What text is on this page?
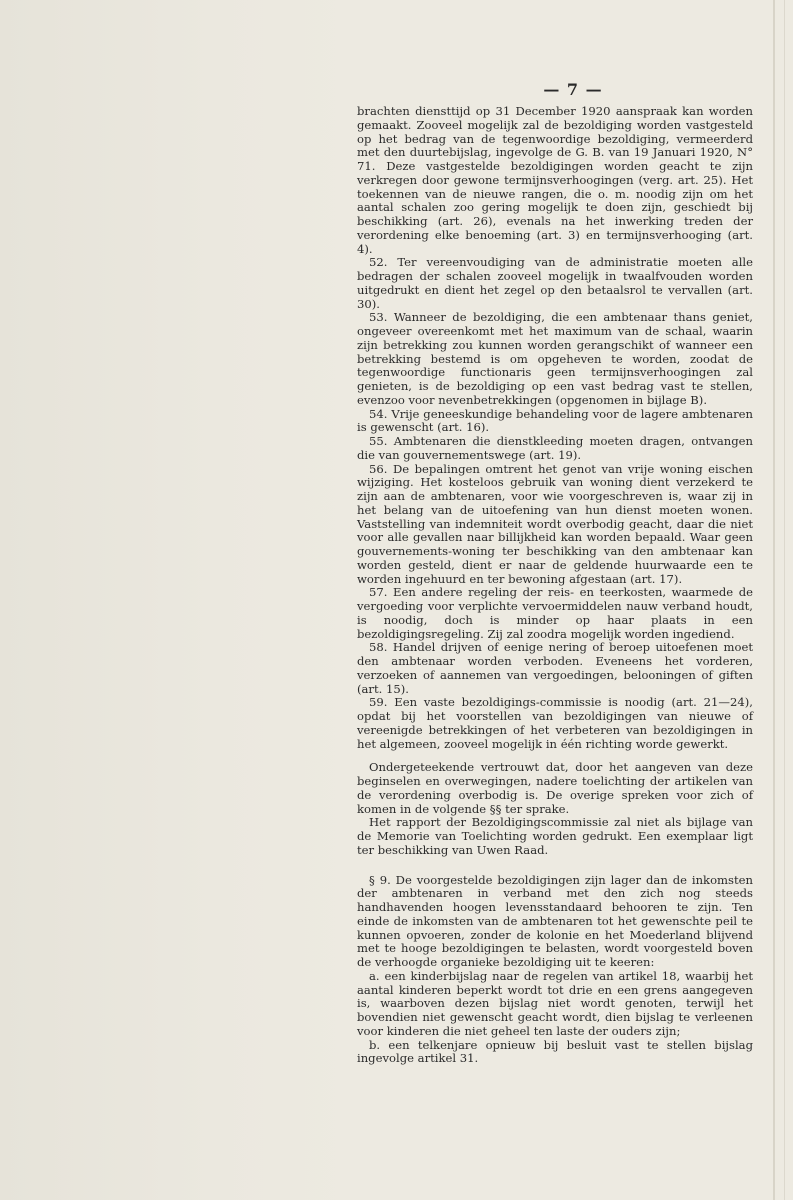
— 7 —

brachten diensttijd op 31 December 1920 aanspraak kan worden gemaakt. Zooveel mogelijk zal de bezoldiging worden vastgesteld op het bedrag van de tegenwoordige bezoldiging, vermeerderd met den duurtebijslag, ingevolge de G. B. van 19 Januari 1920, N° 71. Deze vastgestelde bezoldigingen worden geacht te zijn verkregen door gewone termijnsverhoogingen (verg. art. 25). Het toekennen van de nieuwe rangen, die o. m. noodig zijn om het aantal schalen zoo gering mogelijk te doen zijn, geschiedt bij beschikking (art. 26), evenals na het inwerking treden der verordening elke benoeming (art. 3) en termijnsverhooging (art. 4).

52. Ter vereenvoudiging van de administratie moeten alle bedragen der schalen zooveel mogelijk in twaalfvouden worden uitgedrukt en dient het zegel op den betaalsrol te vervallen (art. 30).

53. Wanneer de bezoldiging, die een ambtenaar thans geniet, ongeveer overeenkomt met het maximum van de schaal, waarin zijn betrekking zou kunnen worden gerangschikt of wanneer een betrekking bestemd is om opgeheven te worden, zoodat de tegenwoordige functionaris geen termijnsverhoogingen zal genieten, is de bezoldiging op een vast bedrag vast te stellen, evenzoo voor nevenbetrekkingen (opgenomen in bijlage B).

54. Vrije geneeskundige behandeling voor de lagere ambtenaren is gewenscht (art. 16).

55. Ambtenaren die dienstkleeding moeten dragen, ontvangen die van gouvernementswege (art. 19).

56. De bepalingen omtrent het genot van vrije woning eischen wijziging. Het kosteloos gebruik van woning dient verzekerd te zijn aan de ambtenaren, voor wie voorgeschreven is, waar zij in het belang van de uitoefening van hun dienst moeten wonen. Vaststelling van indemniteit wordt overbodig geacht, daar die niet voor alle gevallen naar billijkheid kan worden bepaald. Waar geen gouvernements-woning ter beschikking van den ambtenaar kan worden gesteld, dient er naar de geldende huurwaarde een te worden ingehuurd en ter bewoning afgestaan (art. 17).

57. Een andere regeling der reis- en teerkosten, waarmede de vergoeding voor verplichte vervoermiddelen nauw verband houdt, is noodig, doch is minder op haar plaats in een bezoldigingsregeling. Zij zal zoodra mogelijk worden ingediend.

58. Handel drijven of eenige nering of beroep uitoefenen moet den ambtenaar worden verboden. Eveneens het vorderen, verzoeken of aannemen van vergoedingen, belooningen of giften (art. 15).

59. Een vaste bezoldigings-commissie is noodig (art. 21—24), opdat bij het voorstellen van bezoldigingen van nieuwe of vereenigde betrekkingen of het verbeteren van bezoldigingen in het algemeen, zooveel mogelijk in één richting worde gewerkt.

Ondergeteekende vertrouwt dat, door het aangeven van deze beginselen en overwegingen, nadere toelichting der artikelen van de verordening overbodig is. De overige spreken voor zich of komen in de volgende §§ ter sprake.

Het rapport der Bezoldigingscommissie zal niet als bijlage van de Memorie van Toelichting worden gedrukt. Een exemplaar ligt ter beschikking van Uwen Raad.

§ 9. De voorgestelde bezoldigingen zijn lager dan de inkomsten der ambtenaren in verband met den zich nog steeds handhavenden hoogen levensstandaard behooren te zijn. Ten einde de inkomsten van de ambtenaren tot het gewenschte peil te kunnen opvoeren, zonder de kolonie en het Moederland blijvend met te hooge bezoldigingen te belasten, wordt voorgesteld boven de verhoogde organieke bezoldiging uit te keeren:

a. een kinderbijslag naar de regelen van artikel 18, waarbij het aantal kinderen beperkt wordt tot drie en een grens aangegeven is, waarboven dezen bijslag niet wordt genoten, terwijl het bovendien niet gewenscht geacht wordt, dien bijslag te verleenen voor kinderen die niet geheel ten laste der ouders zijn;

b. een telkenjare opnieuw bij besluit vast te stellen bijslag ingevolge artikel 31.
